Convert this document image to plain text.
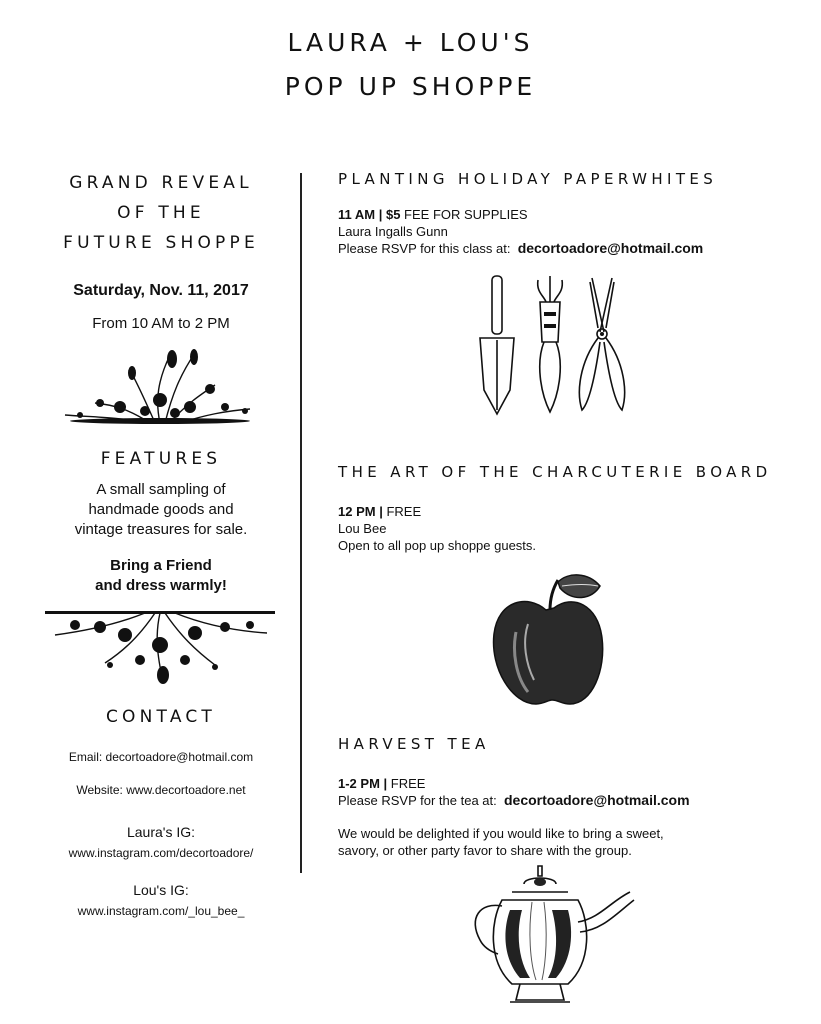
LAURA + LOU'S
POP UP SHOPPE
GRAND REVEAL
OF THE
FUTURE SHOPPE
Saturday, Nov. 11, 2017
From 10 AM to 2 PM
FEATURES
A small sampling of
handmade goods and
vintage treasures for sale.
Bring a Friend
and dress warmly!
CONTACT
Email: decortoadore@hotmail.com
Website: www.decortoadore.net
Laura's IG:
www.instagram.com/decortoadore/
Lou's IG:
www.instagram.com/_lou_bee_
PLANTING HOLIDAY PAPERWHITES
11 AM | $5 FEE FOR SUPPLIES
Laura Ingalls Gunn
Please RSVP for this class at: decortoadore@hotmail.com
THE ART OF THE CHARCUTERIE BOARD
12 PM | FREE
Lou Bee
Open to all pop up shoppe guests.
HARVEST TEA
1-2 PM | FREE
Please RSVP for the tea at: decortoadore@hotmail.com
We would be delighted if you would like to bring a sweet,
savory, or other party favor to share with the group.
